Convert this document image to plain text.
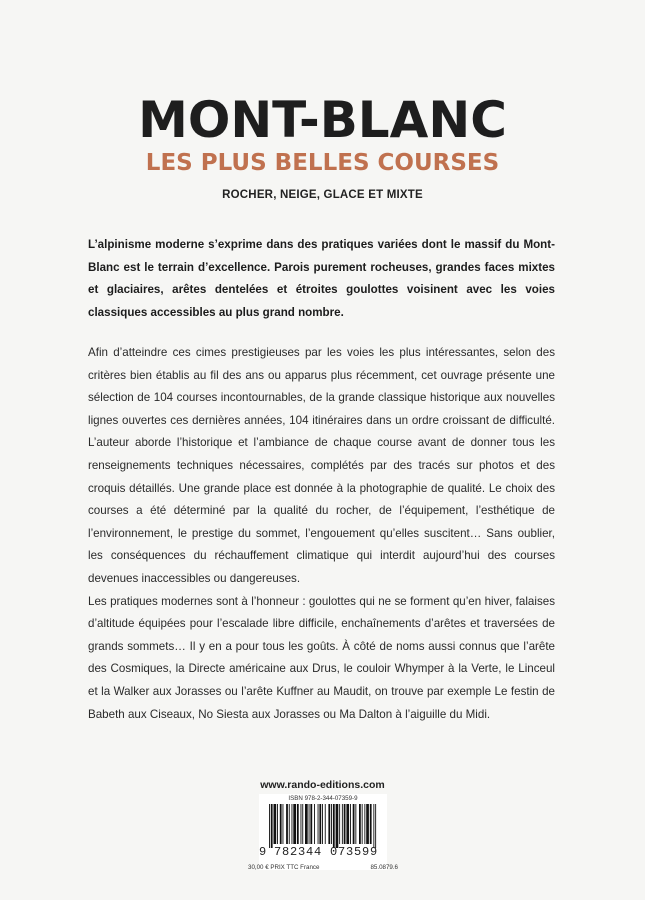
MONT-BLANC
LES PLUS BELLES COURSES
ROCHER, NEIGE, GLACE ET MIXTE

L’alpinisme moderne s’exprime dans des pratiques variées dont le massif du Mont-Blanc est le terrain d’excellence. Parois purement rocheuses, grandes faces mixtes et glaciaires, arêtes dentelées et étroites goulottes voisinent avec les voies classiques accessibles au plus grand nombre.

Afin d’atteindre ces cimes prestigieuses par les voies les plus intéressantes, selon des critères bien établis au fil des ans ou apparus plus récemment, cet ouvrage présente une sélection de 104 courses incontournables, de la grande classique historique aux nouvelles lignes ouvertes ces dernières années, 104 itinéraires dans un ordre croissant de difficulté. L’auteur aborde l’historique et l’ambiance de chaque course avant de donner tous les renseignements techniques nécessaires, complétés par des tracés sur photos et des croquis détaillés. Une grande place est donnée à la photographie de qualité. Le choix des courses a été déterminé par la qualité du rocher, de l’équipement, l’esthétique de l’environnement, le prestige du sommet, l’engouement qu’elles suscitent… Sans oublier, les conséquences du réchauffement climatique qui interdit aujourd’hui des courses devenues inaccessibles ou dangereuses.

Les pratiques modernes sont à l’honneur : goulottes qui ne se forment qu’en hiver, falaises d’altitude équipées pour l’escalade libre difficile, enchaînements d’arêtes et traversées de grands sommets… Il y en a pour tous les goûts. À côté de noms aussi connus que l’arête des Cosmiques, la Directe américaine aux Drus, le couloir Whymper à la Verte, le Linceul et la Walker aux Jorasses ou l’arête Kuffner au Maudit, on trouve par exemple Le festin de Babeth aux Ciseaux, No Siesta aux Jorasses ou Ma Dalton à l’aiguille du Midi.

www.rando-editions.com
ISBN 978-2-344-07359-9
9 782344 073599
30,00 € PRIX TTC France	85.0879.6
